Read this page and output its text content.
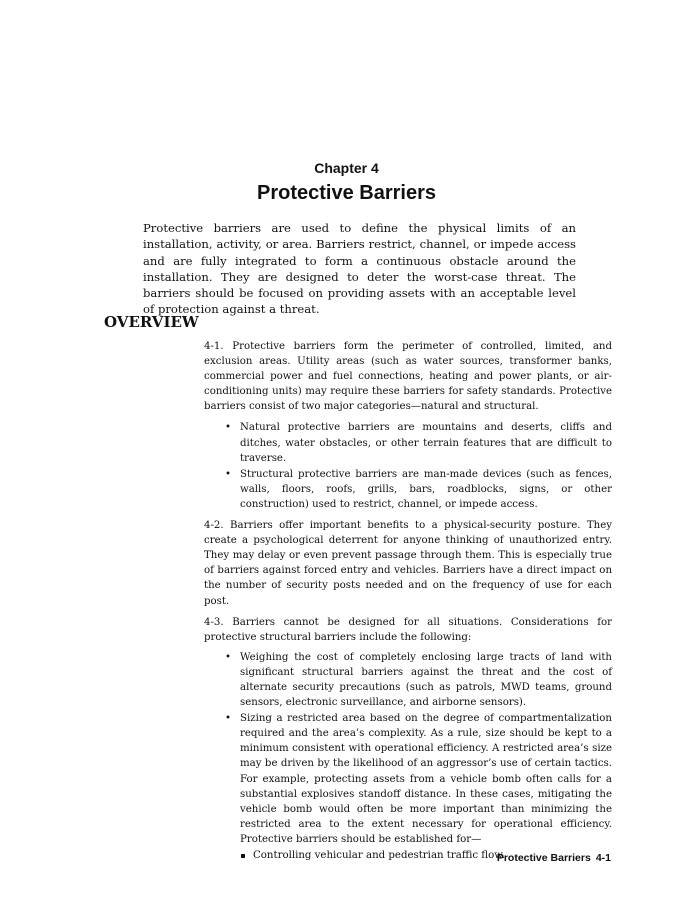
Chapter 4
Protective Barriers
Protective barriers are used to define the physical limits of an installation, activity, or area. Barriers restrict, channel, or impede access and are fully integrated to form a continuous obstacle around the installation. They are designed to deter the worst-case threat. The barriers should be focused on providing assets with an acceptable level of protection against a threat.
OVERVIEW

4-1. Protective barriers form the perimeter of controlled, limited, and exclusion areas. Utility areas (such as water sources, transformer banks, commercial power and fuel connections, heating and power plants, or air-conditioning units) may require these barriers for safety standards. Protective barriers consist of two major categories—natural and structural.

• Natural protective barriers are mountains and deserts, cliffs and ditches, water obstacles, or other terrain features that are difficult to traverse.
• Structural protective barriers are man-made devices (such as fences, walls, floors, roofs, grills, bars, roadblocks, signs, or other construction) used to restrict, channel, or impede access.

4-2. Barriers offer important benefits to a physical-security posture. They create a psychological deterrent for anyone thinking of unauthorized entry. They may delay or even prevent passage through them. This is especially true of barriers against forced entry and vehicles. Barriers have a direct impact on the number of security posts needed and on the frequency of use for each post.

4-3. Barriers cannot be designed for all situations. Considerations for protective structural barriers include the following:

• Weighing the cost of completely enclosing large tracts of land with significant structural barriers against the threat and the cost of alternate security precautions (such as patrols, MWD teams, ground sensors, electronic surveillance, and airborne sensors).
• Sizing a restricted area based on the degree of compartmentalization required and the area’s complexity. As a rule, size should be kept to a minimum consistent with operational efficiency. A restricted area’s size may be driven by the likelihood of an aggressor’s use of certain tactics. For example, protecting assets from a vehicle bomb often calls for a substantial explosives standoff distance. In these cases, mitigating the vehicle bomb would often be more important than minimizing the restricted area to the extent necessary for operational efficiency. Protective barriers should be established for—
Controlling vehicular and pedestrian traffic flow.
Protective Barriers 4-1
